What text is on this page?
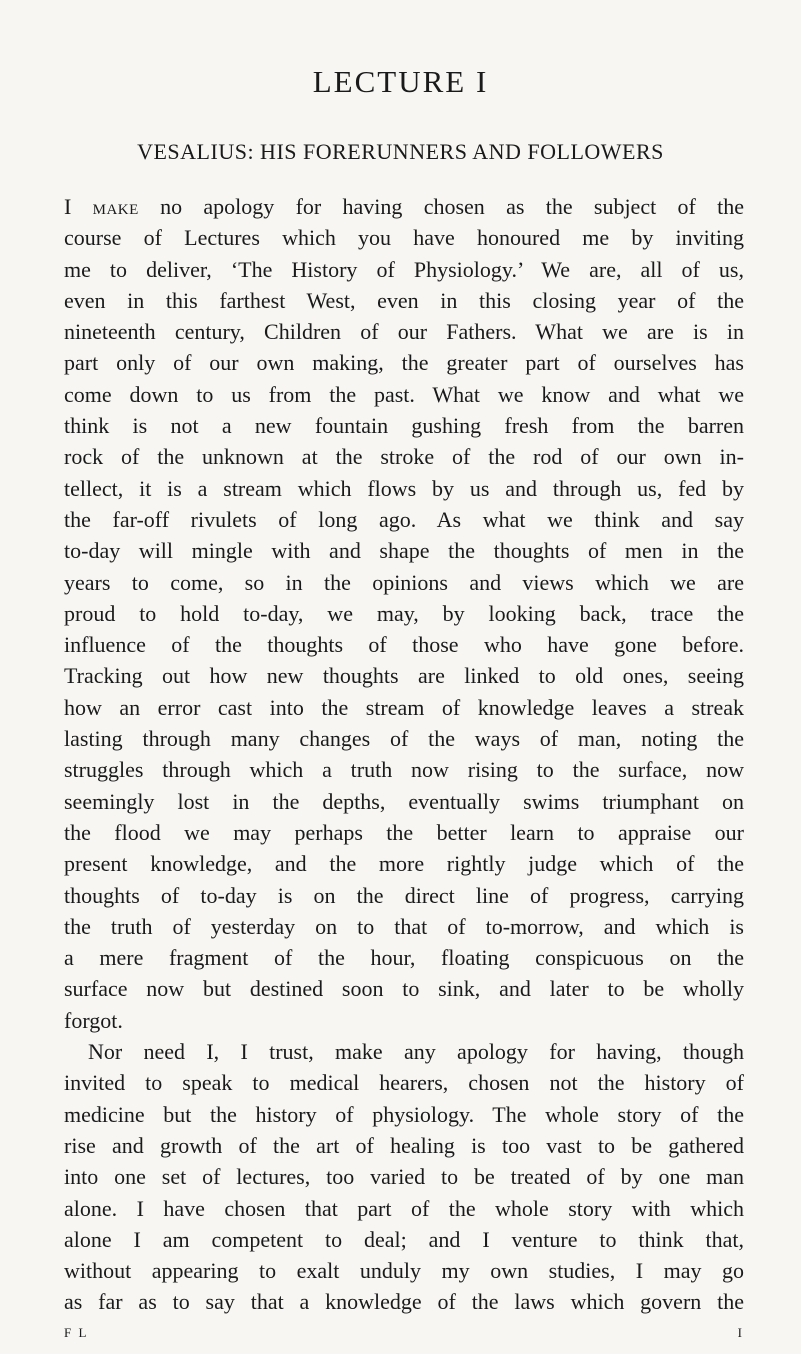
LECTURE I
VESALIUS: HIS FORERUNNERS AND FOLLOWERS
I make no apology for having chosen as the subject of the
course of Lectures which you have honoured me by inviting
me to deliver, ‘The History of Physiology.’ We are, all of us,
even in this farthest West, even in this closing year of the
nineteenth century, Children of our Fathers. What we are is in
part only of our own making, the greater part of ourselves has
come down to us from the past. What we know and what we
think is not a new fountain gushing fresh from the barren
rock of the unknown at the stroke of the rod of our own in-
tellect, it is a stream which flows by us and through us, fed by
the far-off rivulets of long ago. As what we think and say
to-day will mingle with and shape the thoughts of men in the
years to come, so in the opinions and views which we are
proud to hold to-day, we may, by looking back, trace the
influence of the thoughts of those who have gone before.
Tracking out how new thoughts are linked to old ones, seeing
how an error cast into the stream of knowledge leaves a streak
lasting through many changes of the ways of man, noting the
struggles through which a truth now rising to the surface, now
seemingly lost in the depths, eventually swims triumphant on
the flood we may perhaps the better learn to appraise our
present knowledge, and the more rightly judge which of the
thoughts of to-day is on the direct line of progress, carrying
the truth of yesterday on to that of to-morrow, and which is
a mere fragment of the hour, floating conspicuous on the
surface now but destined soon to sink, and later to be wholly
forgot.
Nor need I, I trust, make any apology for having, though
invited to speak to medical hearers, chosen not the history of
medicine but the history of physiology. The whole story of the
rise and growth of the art of healing is too vast to be gathered
into one set of lectures, too varied to be treated of by one man
alone. I have chosen that part of the whole story with which
alone I am competent to deal; and I venture to think that,
without appearing to exalt unduly my own studies, I may go
as far as to say that a knowledge of the laws which govern the
F L	I
